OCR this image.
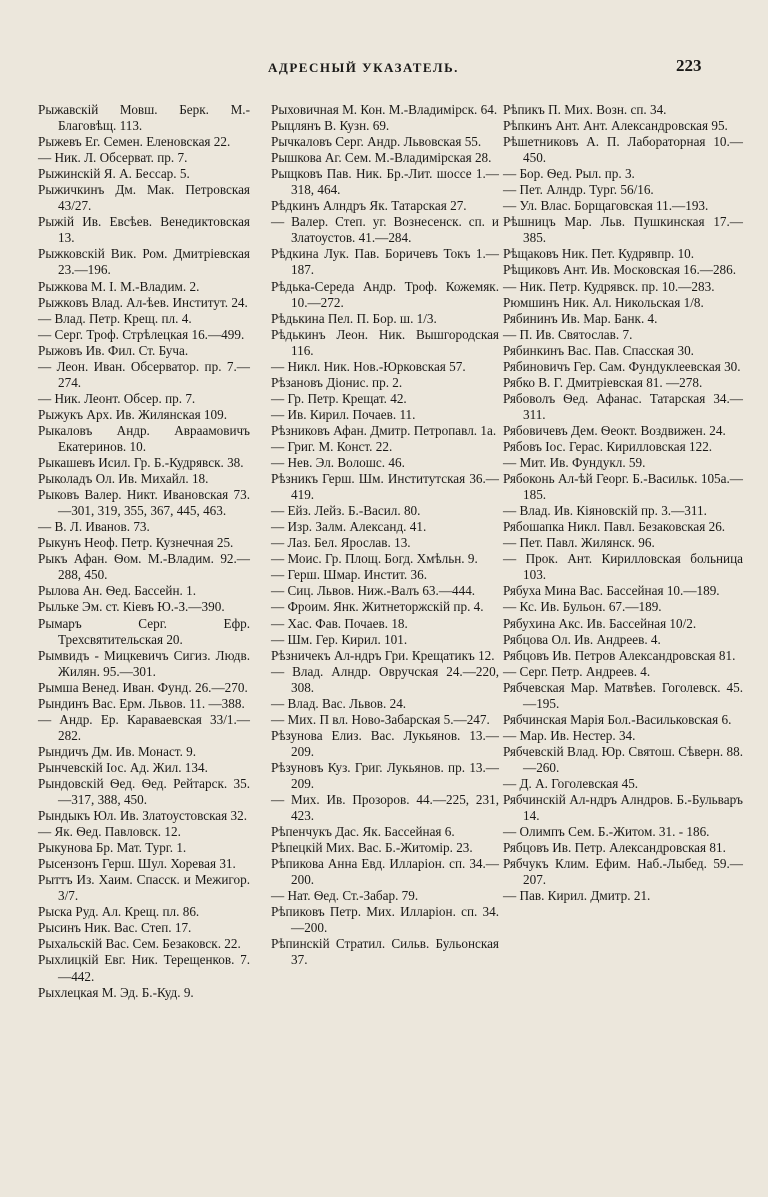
АДРЕСНЫЙ УКАЗАТЕЛЬ.	223

Рыжавскій Мовш. Берк. М.-Благовѣщ. 113.

Рыжевъ Ег. Семен. Еленовская 22.

— Ник. Л. Обсерват. пр. 7.

Рыжинскій Я. А. Бессар. 5.

Рыжичкинъ Дм. Мак. Петровская 43/27.

Рыжій Ив. Евсѣев. Венедиктовская 13.

Рыжковскій Вик. Ром. Дмитріевская 23.—196.

Рыжкова М. І. М.-Владим. 2.

Рыжковъ Влад. Ал-ѣев. Институт. 24.

— Влад. Петр. Крещ. пл. 4.

— Серг. Троф. Стрѣлецкая 16.—499.

Рыжовъ Ив. Фил. Ст. Буча.

— Леон. Иван. Обсерватор. пр. 7.—274.

— Ник. Леонт. Обсер. пр. 7.

Рыжукъ Арх. Ив. Жилянская 109.

Рыкаловъ Андр. Авраамовичъ Екатеринов. 10.

Рыкашевъ Исил. Гр. Б.-Кудрявск. 38.

Рыколадъ Ол. Ив. Михайл. 18.

Рыковъ Валер. Никт. Ивановская 73.—301, 319, 355, 367, 445, 463.

— В. Л. Иванов. 73.

Рыкунъ Неоф. Петр. Кузнечная 25.

Рыкъ Афан. Ѳом. М.-Владим. 92.—288, 450.

Рылова Ан. Ѳед. Бассейн. 1.

Рыльке Эм. ст. Кіевъ Ю.-З.—390.

Рымаръ Серг. Ефр. Трехсвятительская 20.

Рымвидъ - Мицкевичъ Сигиз. Людв. Жилян. 95.—301.

Рымша Венед. Иван. Фунд. 26.—270.

Рындинъ Вас. Ерм. Львов. 11. —388.

— Андр. Ер. Караваевская 33/1.—282.

Рындичъ Дм. Ив. Монаст. 9.

Рынчевскій Іос. Ад. Жил. 134.

Рындовскій Ѳед. Ѳед. Рейтарск. 35.—317, 388, 450.

Рындыкъ Юл. Ив. Златоустовская 32.

— Як. Ѳед. Павловск. 12.

Рыкунова Бр. Мат. Тург. 1.

Рысензонъ Герш. Шул. Хоревая 31.

Рыттъ Из. Хаим. Спасск. и Межигор. 3/7.

Рыска Руд. Ал. Крещ. пл. 86.

Рысинъ Ник. Вас. Степ. 17.

Рыхальскій Вас. Сем. Безаковск. 22.

Рыхлицкій Евг. Ник. Терещенков. 7.—442.

Рыхлецкая М. Эд. Б.-Куд. 9.

Рыховичная М. Кон. М.-Владимірск. 64.

Рыцлянъ В. Кузн. 69.

Рычкаловъ Серг. Андр. Львовская 55.

Рышкова Аг. Сем. М.-Владимірская 28.

Рыщковъ Пав. Ник. Бр.-Лит. шоссе 1.—318, 464.

Рѣдкинъ Алндръ Як. Татарская 27.

— Валер. Степ. уг. Вознесенск. сп. и Златоустов. 41.—284.

Рѣдкина Лук. Пав. Боричевъ Токъ 1.—187.

Рѣдька-Середа Андр. Троф. Кожемяк. 10.—272.

Рѣдькина Пел. П. Бор. ш. 1/3.

Рѣдькинъ Леон. Ник. Вышгородская 116.

— Никл. Ник. Нов.-Юрковская 57.

Рѣзановъ Діонис. пр. 2.

— Гр. Петр. Крещат. 42.

— Ив. Кирил. Почаев. 11.

Рѣзниковъ Афан. Дмитр. Петропавл. 1а.

— Григ. М. Конст. 22.

— Нев. Эл. Волошс. 46.

Рѣзникъ Герш. Шм. Институтская 36.—419.

— Ейз. Лейз. Б.-Васил. 80.

— Изр. Залм. Александ. 41.

— Лаз. Бел. Ярослав. 13.

— Моис. Гр. Площ. Богд. Хмѣльн. 9.

— Герш. Шмар. Инстит. 36.

— Сиц. Львов. Ниж.-Валъ 63.—444.

— Фроим. Янк. Житнеторжскій пр. 4.

— Хас. Фав. Почаев. 18.

— Шм. Гер. Кирил. 101.

Рѣзничекъ Ал-ндръ Гри. Крещатикъ 12.

— Влад. Алндр. Овручская 24.—220, 308.

— Влад. Вас. Львов. 24.

— Мих. П вл. Ново-Забарская 5.—247.

Рѣзунова Елиз. Вас. Лукьянов. 13.—209.

Рѣзуновъ Куз. Григ. Лукьянов. пр. 13.—209.

— Мих. Ив. Прозоров. 44.—225, 231, 423.

Рѣпенчукъ Дас. Як. Бассейная 6.

Рѣпецкій Мих. Вас. Б.-Житомір. 23.

Рѣпикова Анна Евд. Илларіон. сп. 34.—200.

— Нат. Ѳед. Ст.-Забар. 79.

Рѣпиковъ Петр. Мих. Илларіон. сп. 34.—200.

Рѣпинскій Стратил. Сильв. Бульонская 37.

Рѣпикъ П. Мих. Возн. сп. 34.

Рѣпкинъ Ант. Ант. Александровская 95.

Рѣшетниковъ А. П. Лабораторная 10.—450.

— Бор. Ѳед. Рыл. пр. 3.

— Пет. Алндр. Тург. 56/16.

— Ул. Влас. Борщаговская 11.—193.

Рѣшницъ Мар. Льв. Пушкинская 17.—385.

Рѣщаковъ Ник. Пет. Кудрявпр. 10.

Рѣщиковъ Ант. Ив. Московская 16.—286.

— Ник. Петр. Кудрявск. пр. 10.—283.

Рюмшинъ Ник. Ал. Никольская 1/8.

Рябининъ Ив. Мар. Банк. 4.

— П. Ив. Святослав. 7.

Рябинкинъ Вас. Пав. Спасская 30.

Рябиновичъ Гер. Сам. Фундуклеевская 30.

Рябко В. Г. Дмитріевская 81. —278.

Рябоволъ Ѳед. Афанас. Татарская 34.—311.

Рябовичевъ Дем. Ѳеокт. Воздвижен. 24.

Рябовъ Іос. Герас. Кирилловская 122.

— Мит. Ив. Фундукл. 59.

Рябоконь Ал-ѣй Георг. Б.-Васильк. 105а.—185.

— Влад. Ив. Кіяновскій пр. 3.—311.

Рябошапка Никл. Павл. Безаковская 26.

— Пет. Павл. Жилянск. 96.

— Прок. Ант. Кирилловская больница 103.

Рябуха Мина Вас. Бассейная 10.—189.

— Кс. Ив. Бульон. 67.—189.

Рябухина Акс. Ив. Бассейная 10/2.

Рябцова Ол. Ив. Андреев. 4.

Рябцовъ Ив. Петров Александровская 81.

— Серг. Петр. Андреев. 4.

Рябчевская Мар. Матвѣев. Гоголевск. 45.—195.

Рябчинская Марія Бол.-Васильковская 6.

— Мар. Ив. Нестер. 34.

Рябчевскій Влад. Юр. Святош. Сѣверн. 88.—260.

— Д. А. Гоголевская 45.

Рябчинскій Ал-ндръ Алндров. Б.-Бульваръ 14.

— Олимпъ Сем. Б.-Житом. 31. - 186.

Рябцовъ Ив. Петр. Александровская 81.

Рябчукъ Клим. Ефим. Наб.-Лыбед. 59.—207.

— Пав. Кирил. Дмитр. 21.
